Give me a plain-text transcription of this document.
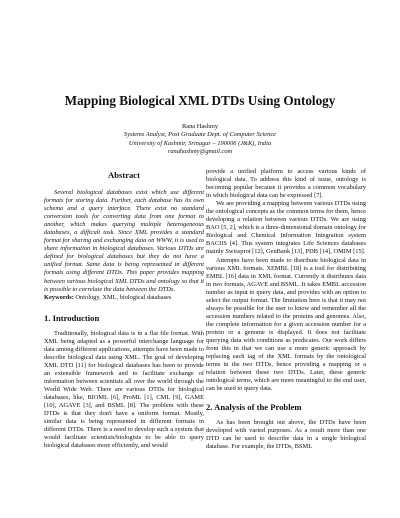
Mapping Biological XML DTDs Using Ontology
Rana Hashmy
Systems Analyst, Post Graduate Dept. of Computer Science
University of Kashmir, Srinagar – 190006 (J&K), India
ranahashmy@gmail.com
Abstract

Several biological databases exist which use different formats for storing data. Further, each database has its own schema and a query interface. There exist no standard conversion tools for converting data from one format to another, which makes querying multiple heterogeneous databases, a difficult task. Since XML provides a standard format for sharing and exchanging data on WWW, it is used to share information in biological databases. Various DTDs are defined for biological databases but they do not have a unified format. Same data is being represented in different formats using different DTDs. This paper provides mapping between various biological XML DTDs and ontology so that it is possible to correlate the data between the DTDs.

Keywords: Ontology, XML, biological databases

1. Introduction

Traditionally, biological data is in a flat file format. With XML being adapted as a powerful interchange language for data among different applications, attempts have been made to describe biological data using XML. The goal of developing XML DTD [11] for biological databases has been to provide an extensible framework and to facilitate exchange of information between scientists all over the world through the World Wide Web. There are various DTDs for biological databases, like, BIOML [6], ProML [1], CML [9], GAME [10], AGAVE [3], and BSML [8]. The problem with these DTDs is that they don't have a uniform format. Mostly, similar data is being represented in different formats in different DTDs. There is a need to develop such a system that would facilitate scientists/biologists to be able to query biological databases more efficiently, and would

provide a unified platform to access various kinds of biological data. To address this kind of issue, ontology is becoming popular because it provides a common vocabulary in which biological data can be expressed [7].

We are providing a mapping between various DTDs using the ontological concepts as the common terms for them, hence developing a relation between various DTDs. We are using BAO [5, 2], which is a three-dimensional domain ontology for Biological and Chemical Information Integration system BACIIS [4]. This system integrates Life Sciences databases mainly Swissprot [12], GenBank [13], PDB [14], OMIM [15].

Attempts have been made to distribute biological data in various XML formats. XEMBL [18] is a tool for distributing EMBL [16] data in XML format. Currently it distributes data in two formats, AGAVE and BSML. It takes EMBL accession number as input to query data, and provides with an option to select the output format. The limitation here is that it may not always be possible for the user to know and remember all the accession numbers related to the proteins and genomes. Also, the complete information for a given accession number for a protein or a genome is displayed. It does not facilitate querying data with conditions as predicates. Our work differs from this in that we can use a more generic approach by replacing each tag of the XML formats by the ontological terms in the two DTDs, hence providing a mapping or a relation between these two DTDs. Later, these generic ontological terms, which are more meaningful to the end user, can be used to query data.

2. Analysis of the Problem

As has been brought out above, the DTDs have been developed with varied purposes. As a result more than one DTD can be used to describe data in a single biological database. For example, the DTDs, BSML
